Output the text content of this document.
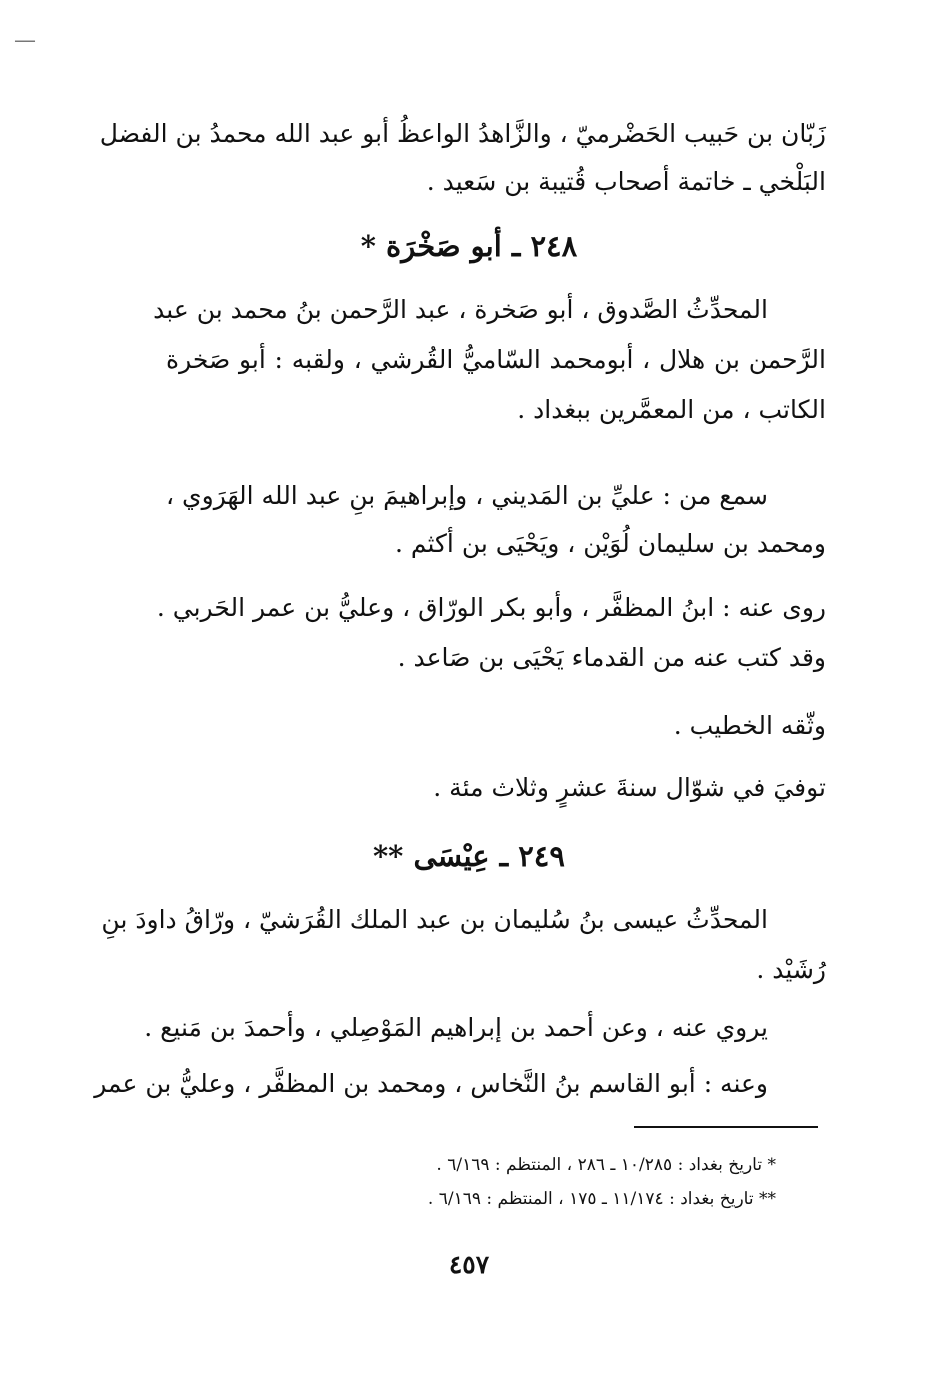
—

زَبّان بن حَبيب الحَضْرميّ ، والزَّاهدُ الواعظُ أبو عبد الله محمدُ بن الفضل

البَلْخي ـ خاتمة أصحاب قُتيبة بن سَعيد .

٢٤٨ ـ أبو صَخْرَة *

المحدِّثُ الصَّدوق ، أبو صَخرة ، عبد الرَّحمن بنُ محمد بن عبد

الرَّحمن بن هلال ، أبومحمد السّاميُّ القُرشي ، ولقبه : أبو صَخرة

الكاتب ، من المعمَّرين ببغداد .

سمع من : عليِّ بن المَديني ، وإبراهيمَ بنِ عبد الله الهَرَوي ،

ومحمد بن سليمان لُوَيْن ، ويَحْيَى بن أكثم .

روى عنه : ابنُ المظفَّر ، وأبو بكر الورّاق ، وعليُّ بن عمر الحَربي .

وقد كتب عنه من القدماء يَحْيَى بن صَاعد .

وثّقه الخطيب .

توفيَ في شوّال سنةَ عشرٍ وثلاث مئة .

٢٤٩ ـ عِيْسَى **

المحدِّثُ عيسى بنُ سُليمان بن عبد الملك القُرَشيّ ، ورّاقُ داودَ بنِ

رُشَيْد .

يروي عنه ، وعن أحمد بن إبراهيم المَوْصِلي ، وأحمدَ بن مَنيع .

وعنه : أبو القاسم بنُ النَّخاس ، ومحمد بن المظفَّر ، وعليُّ بن عمر

* تاريخ بغداد : ١٠/٢٨٥ ـ ٢٨٦ ، المنتظم : ٦/١٦٩ .

** تاريخ بغداد : ١١/١٧٤ ـ ١٧٥ ، المنتظم : ٦/١٦٩ .

٤٥٧
